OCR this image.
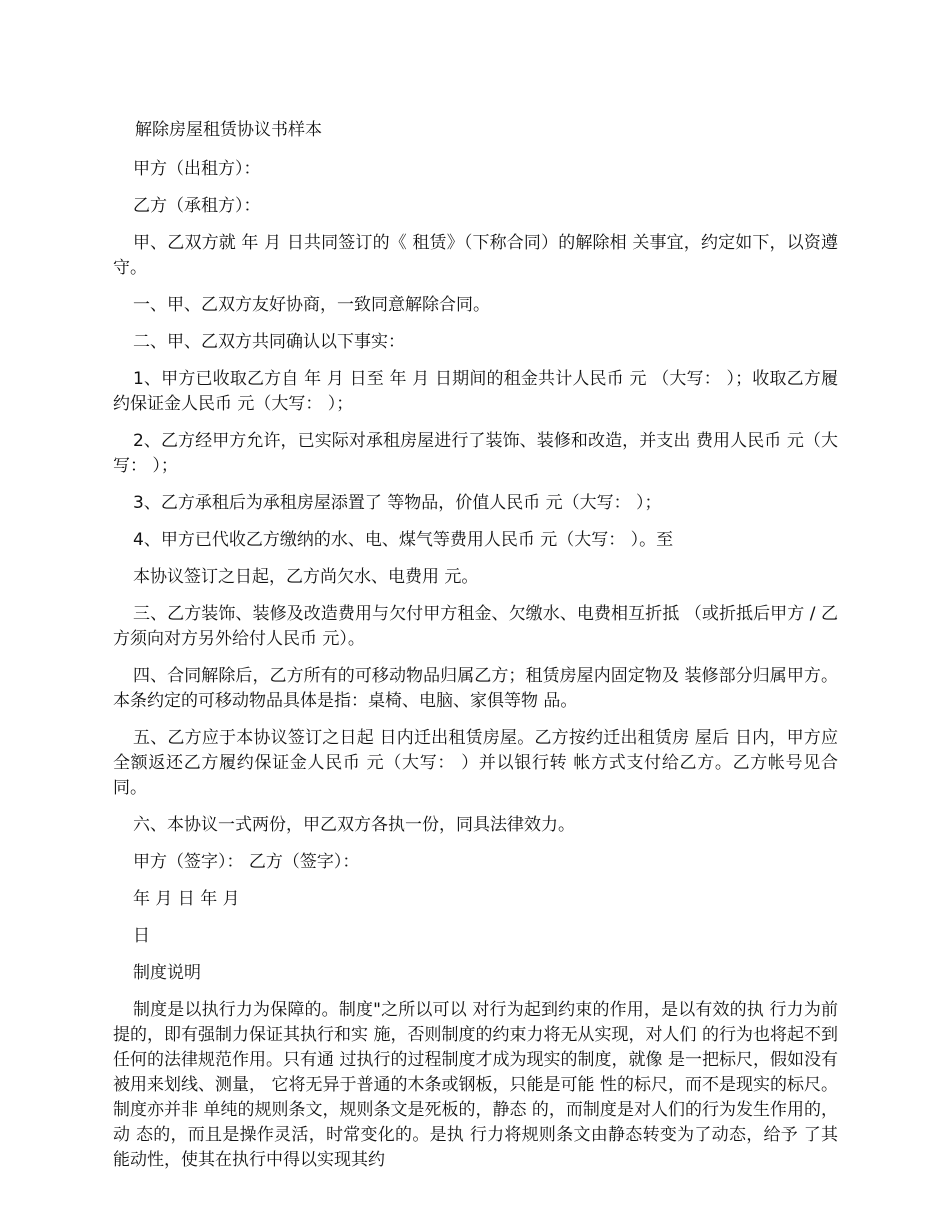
解除房屋租赁协议书样本

甲方（出租方）：

乙方（承租方）：

甲、乙双方就 年 月 日共同签订的《 租赁》（下称合同）的解除相 关事宜，约定如下，以资遵守。

一、甲、乙双方友好协商，一致同意解除合同。

二、甲、乙双方共同确认以下事实：

1、甲方已收取乙方自 年 月 日至 年 月 日期间的租金共计人民币 元 （大写： ）；收取乙方履约保证金人民币 元（大写： ）；

2、乙方经甲方允许，已实际对承租房屋进行了装饰、装修和改造，并支出 费用人民币 元（大写： ）；

3、乙方承租后为承租房屋添置了 等物品，价值人民币 元（大写： ）；

4、甲方已代收乙方缴纳的水、电、煤气等费用人民币 元（大写： ）。至

本协议签订之日起，乙方尚欠水、电费用 元。

三、乙方装饰、装修及改造费用与欠付甲方租金、欠缴水、电费相互折抵 （或折抵后甲方 / 乙方须向对方另外给付人民币 元）。

四、合同解除后，乙方所有的可移动物品归属乙方；租赁房屋内固定物及 装修部分归属甲方。本条约定的可移动物品具体是指：桌椅、电脑、家俱等物 品。

五、乙方应于本协议签订之日起 日内迁出租赁房屋。乙方按约迁出租赁房 屋后 日内，甲方应全额返还乙方履约保证金人民币 元（大写： ）并以银行转 帐方式支付给乙方。乙方帐号见合同。

六、本协议一式两份，甲乙双方各执一份，同具法律效力。

甲方（签字）： 乙方（签字）：

年 月 日 年 月

日

制度说明

制度是以执行力为保障的。制度"之所以可以 对行为起到约束的作用，是以有效的执 行力为前提的，即有强制力保证其执行和实 施，否则制度的约束力将无从实现，对人们 的行为也将起不到任何的法律规范作用。只有通 过执行的过程制度才成为现实的制度，就像 是一把标尺，假如没有被用来划线、测量， 它将无异于普通的木条或钢板，只能是可能 性的标尺，而不是现实的标尺。制度亦并非 单纯的规则条文，规则条文是死板的，静态 的，而制度是对人们的行为发生作用的，动 态的，而且是操作灵活，时常变化的。是执 行力将规则条文由静态转变为了动态，给予 了其能动性，使其在执行中得以实现其约
